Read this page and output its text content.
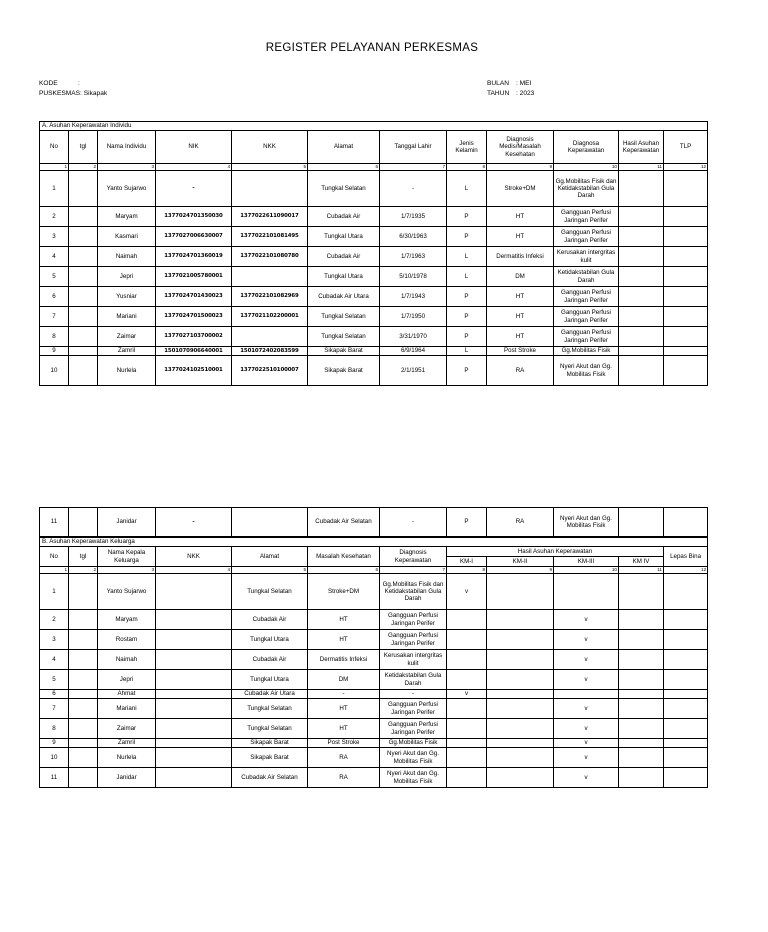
REGISTER PELAYANAN PERKESMAS
KODE	:
PUSKESMAS: Sikapak
BULAN : MEI
TAHUN : 2023
A. Asuhan Keperawatan Individu											
No	tgl	Nama Individu	NIK	NKK	Alamat	Tanggal Lahir	Jenis Kelamin	Diagnosis Medis/Masalah Kesehatan	Diagnosa Keperawatan	Hasil Asuhan Keperawatan	TLP
1	2	3	4	5	6	7	8	9	10	11	12
1		Yanto Sujarwo	-		Tungkal Selatan	-	L	Stroke+DM	Gg.Mobilitas Fisik dan Ketidakstabilan Gula Darah		
2		Maryam	1377024701350030	1377022611090017	Cubadak Air	1/7/1935	P	HT	Gangguan Perfusi Jaringan Perifer		
3		Kasmari	1377027006630007	1377022101081495	Tungkal Utara	6/30/1963	P	HT	Gangguan Perfusi Jaringan Perifer		
4		Naimah	1377024701360019	1377022101080780	Cubadak Air	1/7/1963	L	Dermatitis Infeksi	Kerusakan intergritas kulit		
5		Jepri	1377021005780001		Tungkal Utara	5/10/1978	L	DM	Ketidakstabilan Gula Darah		
6		Yusniar	1377024701430023	1377022101082969	Cubadak Air Utara	1/7/1943	P	HT	Gangguan Perfusi Jaringan Perifer		
7		Mariani	1377024701500023	1377021102200001	Tungkal Selatan	1/7/1950	P	HT	Gangguan Perfusi Jaringan Perifer		
8		Zaimar	1377027103700002		Tungkal Selatan	3/31/1970	P	HT	Gangguan Perfusi Jaringan Perifer		
9		Zamril	1501070906640001	1501072402083599	Sikapak Barat	6/9/1964	L	Post Stroke	Gg.Mobilitas Fisik		
10		Nurlela	1377024102510001	1377022510100007	Sikapak Barat	2/1/1951	P	RA	Nyeri Akut dan Gg. Mobilitas Fisik		
11		Janidar	-		Cubadak Air Selatan	-	P	RA	Nyeri Akut dan Gg. Mobilitas Fisik		
B. Asuhan Keperawatan Keluarga											
No	tgl	Nama Kepala Keluarga	NKK	Alamat	Masalah Kesehatan	Diagnosis Keperawatan	Hasil Asuhan Keperawatan				Lepas Bina
							KM-I	KM-II	KM-III	KM IV	
1	2	3	4	5	6	7	8	9	10	11	12
1		Yanto Sujarwo		Tungkal Selatan	Stroke+DM	Gg.Mobilitas Fisik dan Ketidakstabilan Gula Darah	v				
2		Maryam		Cubadak Air	HT	Gangguan Perfusi Jaringan Perifer			v		
3		Rostam		Tungkal Utara	HT	Gangguan Perfusi Jaringan Perifer			v		
4		Naimah		Cubadak Air	Dermatitis Infeksi	Kerusakan intergritas kulit			v		
5		Jepri		Tungkal Utara	DM	Ketidakstabilan Gula Darah			v		
6		Ahmat		Cubadak Air Utara	-	-	v				
7		Mariani		Tungkal Selatan	HT	Gangguan Perfusi Jaringan Perifer			v		
8		Zaimar		Tungkal Selatan	HT	Gangguan Perfusi Jaringan Perifer			v		
9		Zamril		Sikapak Barat	Post Stroke	Gg.Mobilitas Fisik			v		
10		Nurlela		Sikapak Barat	RA	Nyeri Akut dan Gg. Mobilitas Fisik			v		
11		Janidar		Cubadak Air Selatan	RA	Nyeri Akut dan Gg. Mobilitas Fisik			v		
